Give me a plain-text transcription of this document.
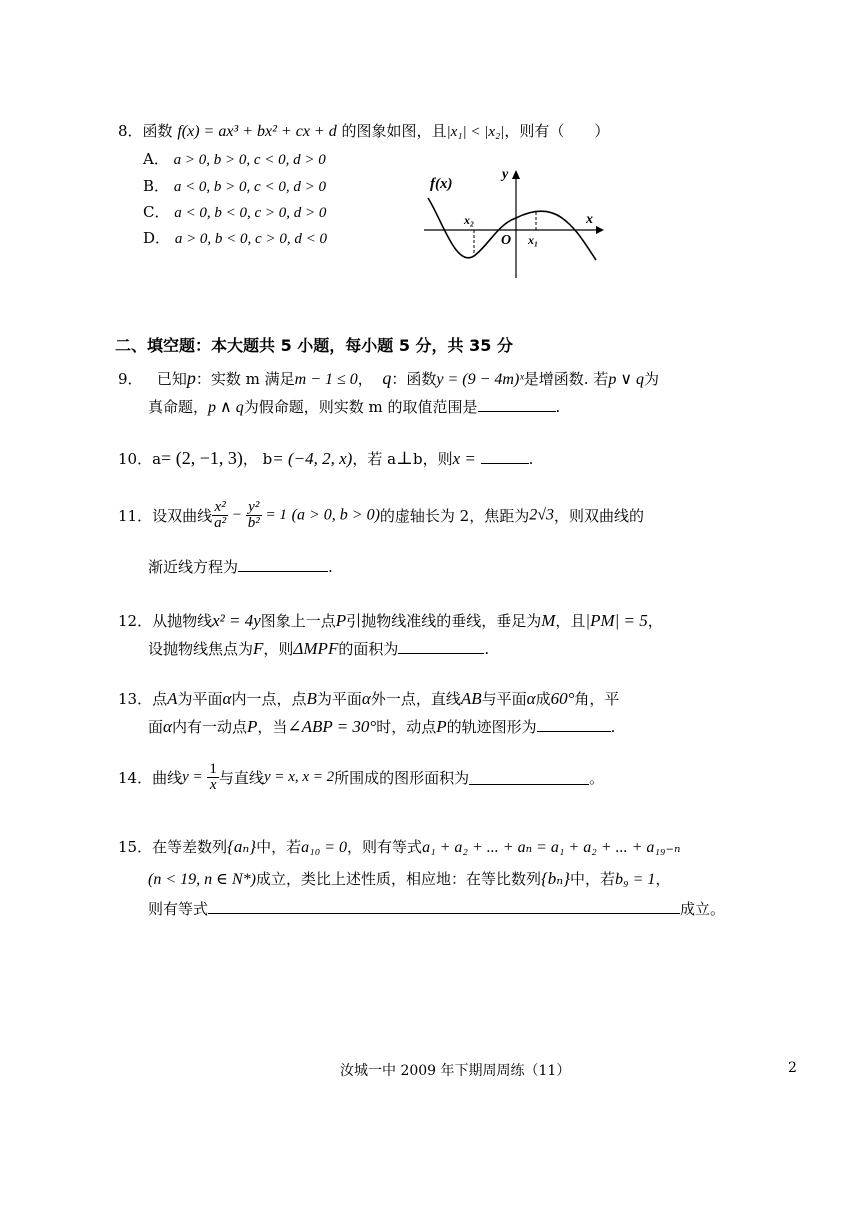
8．函数 f(x) = ax³ + bx² + cx + d 的图象如图，且|x₁| < |x₂|，则有（　　）
A． a > 0, b > 0, c < 0, d > 0
B． a < 0, b > 0, c < 0, d > 0
C． a < 0, b < 0, c > 0, d > 0
D． a > 0, b < 0, c > 0, d < 0
f(x)
y
x
x₂
O x₁
二、填空题：本大题共 5 小题，每小题 5 分，共 35 分
9． 已知p：实数 m 满足m − 1 ≤ 0， q：函数y = (9 − 4m)ˣ是增函数. 若p ∨ q为
真命题，p ∧ q为假命题，则实数 m 的取值范围是	.
10．a= (2, −1, 3)， b= (−4, 2, x)，若 a⊥b，则x =	.
11．设双曲线 $\frac{\text{x²}}{\text{a²}} - \frac{\text{y²}}{\text{b²}} = 1$ (a > 0, b > 0)的虚轴长为 2，焦距为2√3，则双曲线的
渐近线方程为	.
12．从抛物线x² = 4y图象上一点P引抛物线准线的垂线，垂足为M，且|PM| = 5，
设抛物线焦点为F，则ΔMPF的面积为	.
13．点A为平面α内一点，点B为平面α外一点，直线AB与平面α成60°角，平
面α内有一动点P，当∠ABP = 30°时，动点P的轨迹图形为	.
14．曲线$y = \frac{1}{x}$ 与直线y = x, x = 2所围成的图形面积为	。
15．在等差数列{aₙ}中，若a₁₀ = 0，则有等式a₁ + a₂ + ... + aₙ = a₁ + a₂ + ... + a₁₉₋ₙ
(n < 19, n ∈ N*)成立，类比上述性质，相应地：在等比数列{bₙ}中，若b₉ = 1，
则有等式	成立。
汝城一中 2009 年下期周周练（11）	2
